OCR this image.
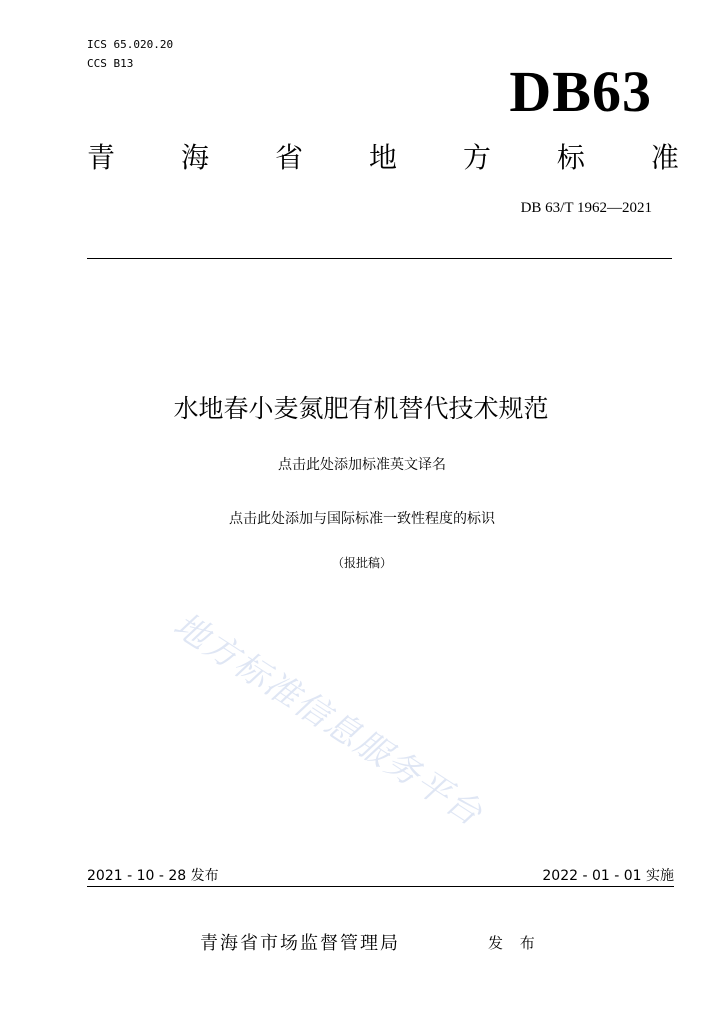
ICS 65.020.20
CCS B13	DB63
青 海 省 地 方 标 准
DB 63/T 1962—2021
水地春小麦氮肥有机替代技术规范
点击此处添加标准英文译名
点击此处添加与国际标准一致性程度的标识
（报批稿）
地方标准信息服务平台
2021 - 10 - 28 发布	2022 - 01 - 01 实施
青海省市场监督管理局	发 布
